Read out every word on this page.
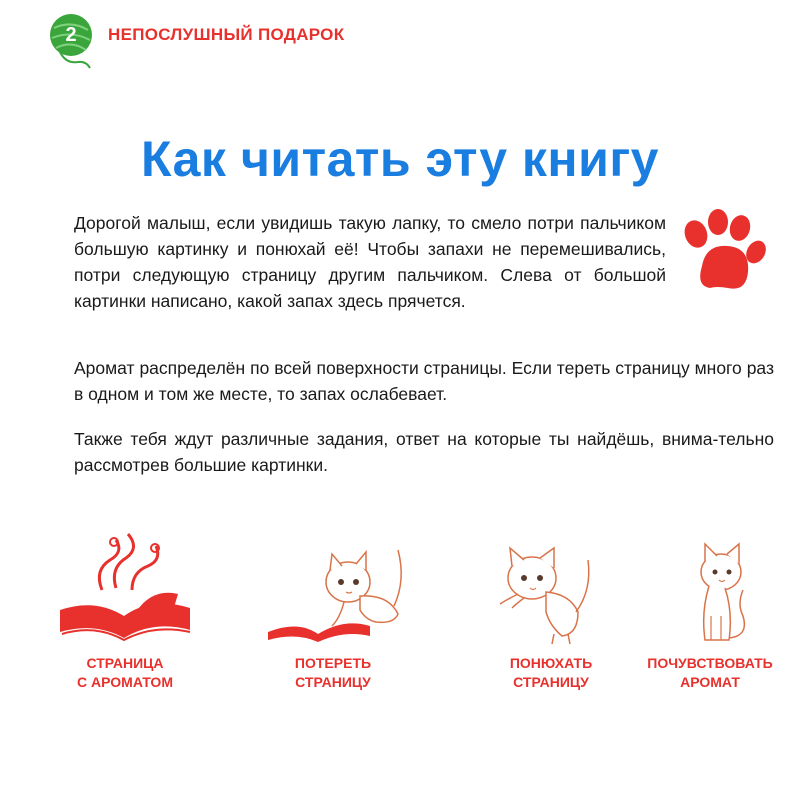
2	НЕПОСЛУШНЫЙ ПОДАРОК
Как читать эту книгу

Дорогой малыш, если увидишь такую лапку, то смело потри пальчиком большую картинку и понюхай её! Чтобы запахи не перемешивались, потри следующую страницу другим пальчиком. Слева от большой картинки написано, какой запах здесь прячется.

Аромат распределён по всей поверхности страницы. Если тереть страницу много раз в одном и том же месте, то запах ослабевает.

Также тебя ждут различные задания, ответ на которые ты найдёшь, внима-тельно рассмотрев большие картинки.

СТРАНИЦА
С АРОМАТОМ
ПОТЕРЕТЬ
СТРАНИЦУ
ПОНЮХАТЬ
СТРАНИЦУ
ПОЧУВСТВОВАТЬ
АРОМАТ
